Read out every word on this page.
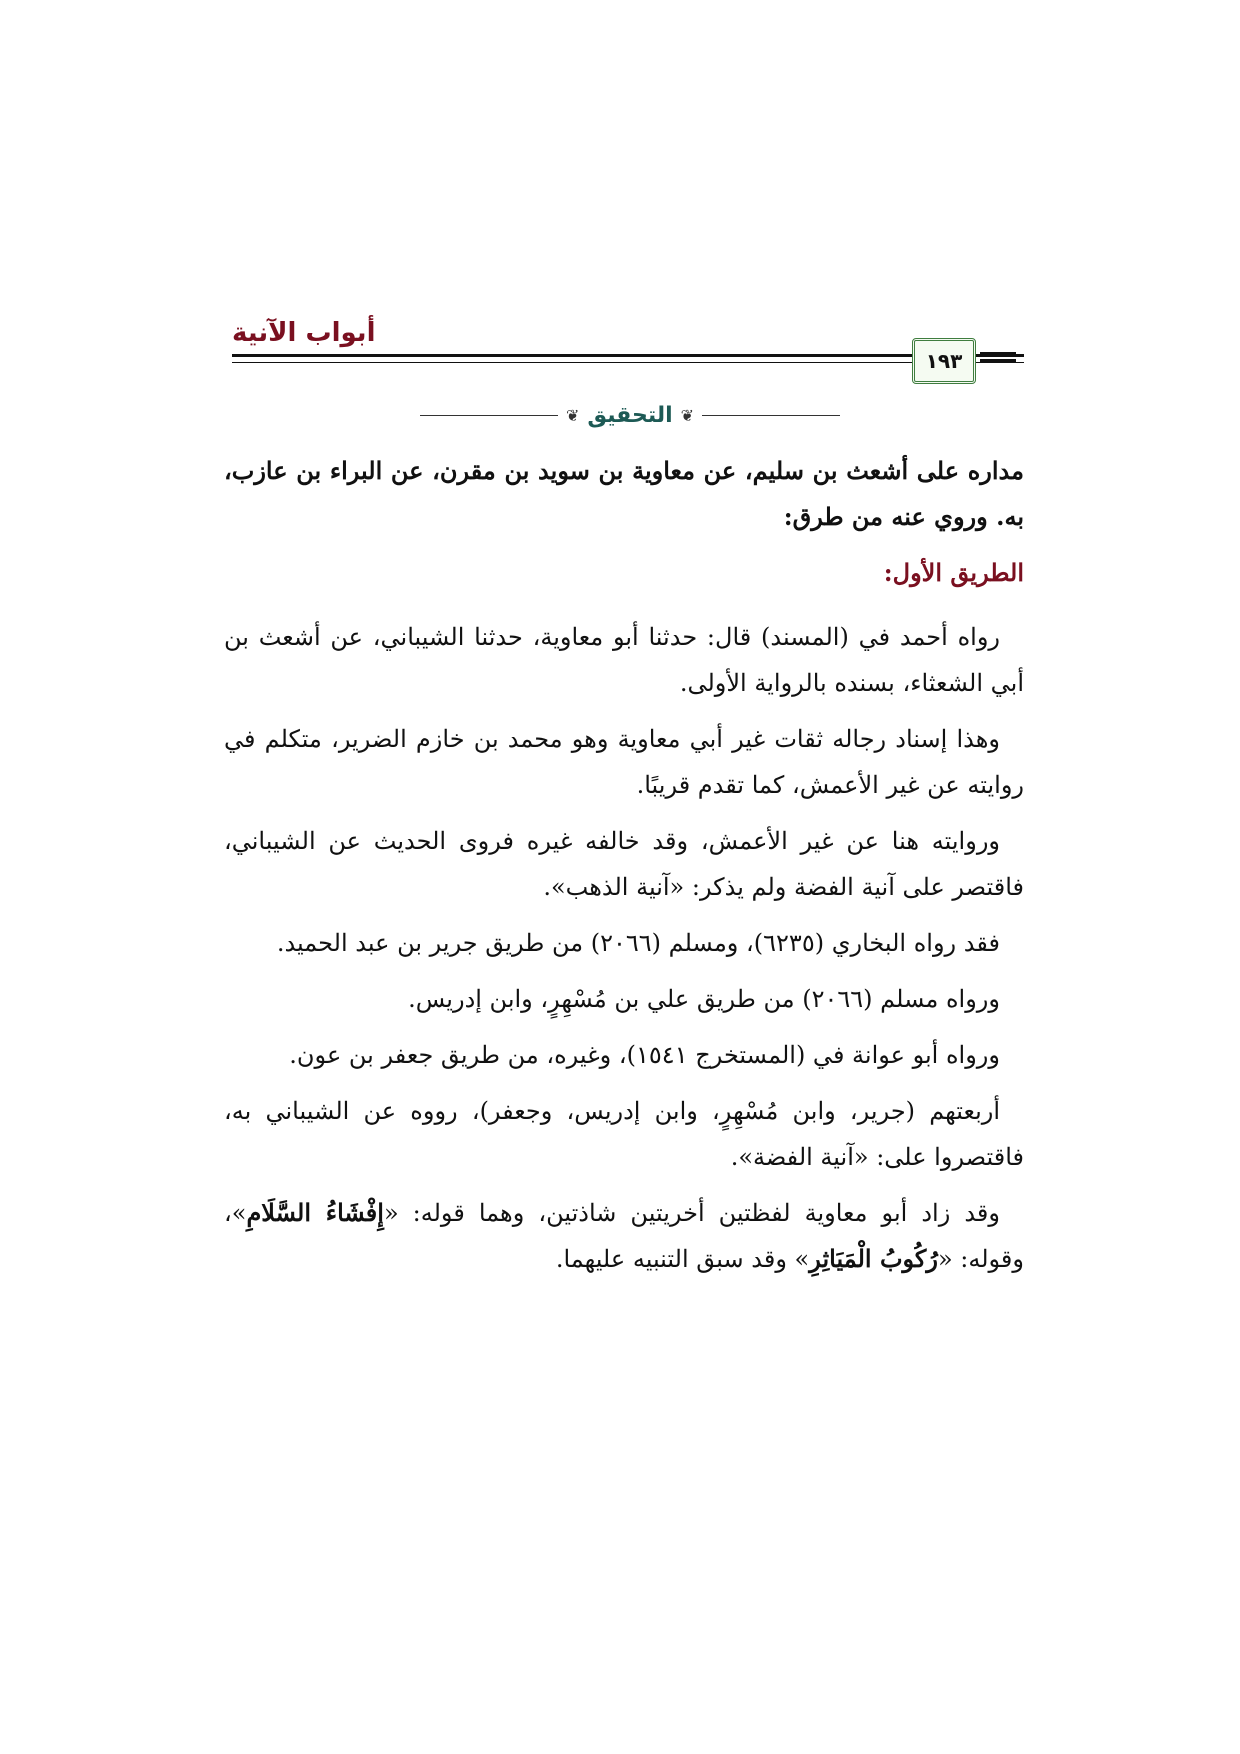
أبواب الآنية
١٩٣
❦ التحقيق ❦

مداره على أشعث بن سليم، عن معاوية بن سويد بن مقرن، عن البراء بن عازب، به. وروي عنه من طرق:

الطريق الأول:

رواه أحمد في (المسند) قال: حدثنا أبو معاوية، حدثنا الشيباني، عن أشعث بن أبي الشعثاء، بسنده بالرواية الأولى.

وهذا إسناد رجاله ثقات غير أبي معاوية وهو محمد بن خازم الضرير، متكلم في روايته عن غير الأعمش، كما تقدم قريبًا.

وروايته هنا عن غير الأعمش، وقد خالفه غيره فروى الحديث عن الشيباني، فاقتصر على آنية الفضة ولم يذكر: «آنية الذهب».

فقد رواه البخاري (٦٢٣٥)، ومسلم (٢٠٦٦) من طريق جرير بن عبد الحميد.

ورواه مسلم (٢٠٦٦) من طريق علي بن مُسْهِرٍ، وابن إدريس.

ورواه أبو عوانة في (المستخرج ١٥٤١)، وغيره، من طريق جعفر بن عون.

أربعتهم (جرير، وابن مُسْهِرٍ، وابن إدريس، وجعفر)، رووه عن الشيباني به، فاقتصروا على: «آنية الفضة».

وقد زاد أبو معاوية لفظتين أخريتين شاذتين، وهما قوله: «إِفْشَاءُ السَّلَامِ»، وقوله: «رُكُوبُ الْمَيَاثِرِ» وقد سبق التنبيه عليهما.
